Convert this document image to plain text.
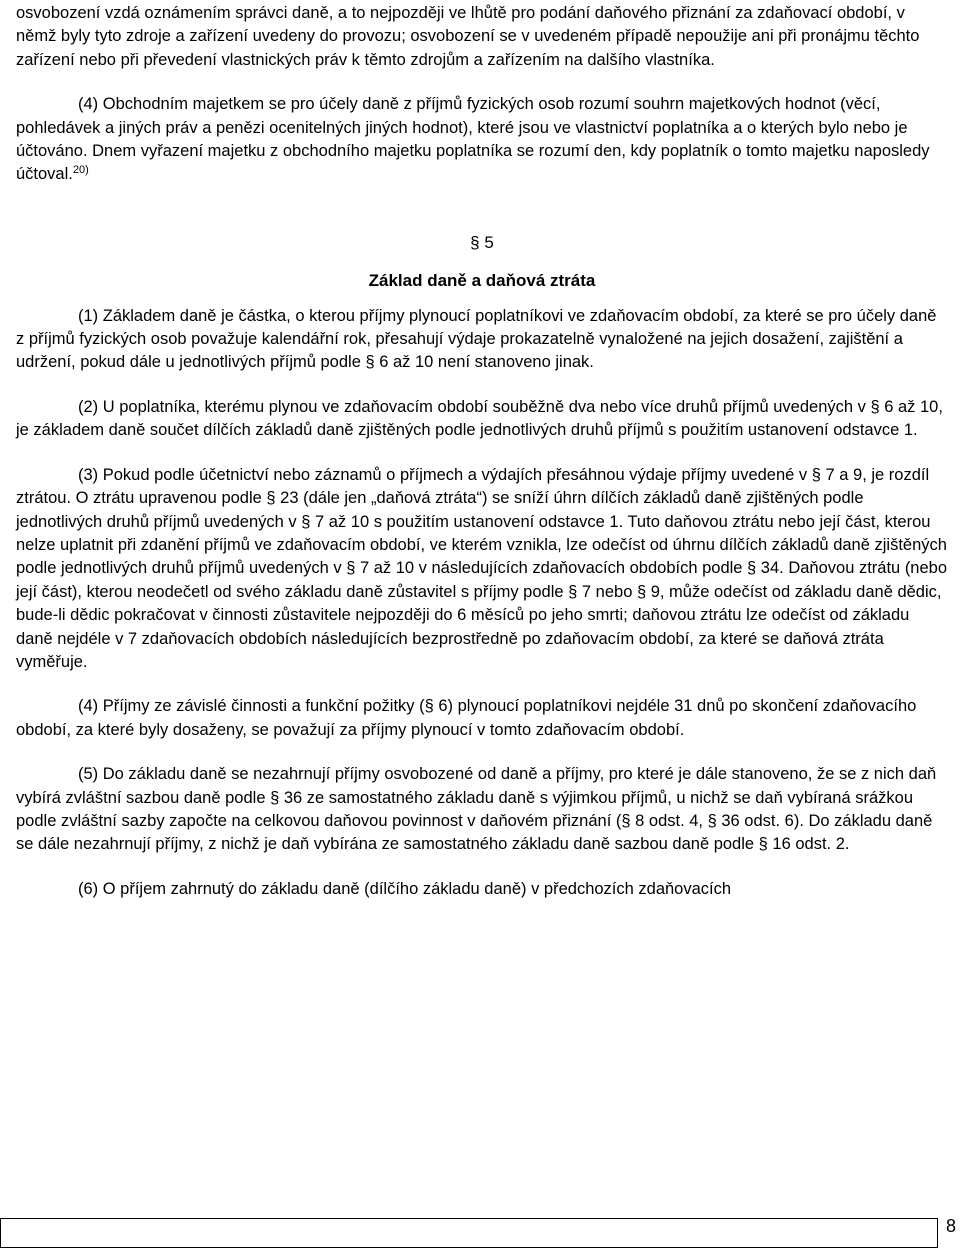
osvobození vzdá oznámením správci daně, a to nejpozději ve lhůtě pro podání daňového přiznání za zdaňovací období, v němž byly tyto zdroje a zařízení uvedeny do provozu; osvobození se v uvedeném případě nepoužije ani při pronájmu těchto zařízení nebo při převedení vlastnických práv k těmto zdrojům a zařízením na dalšího vlastníka.

(4) Obchodním majetkem se pro účely daně z příjmů fyzických osob rozumí souhrn majetkových hodnot (věcí, pohledávek a jiných práv a penězi ocenitelných jiných hodnot), které jsou ve vlastnictví poplatníka a o kterých bylo nebo je účtováno. Dnem vyřazení majetku z obchodního majetku poplatníka se rozumí den, kdy poplatník o tomto majetku naposledy účtoval.$^{20)}$

§ 5

Základ daně a daňová ztráta

(1) Základem daně je částka, o kterou příjmy plynoucí poplatníkovi ve zdaňovacím období, za které se pro účely daně z příjmů fyzických osob považuje kalendářní rok, přesahují výdaje prokazatelně vynaložené na jejich dosažení, zajištění a udržení, pokud dále u jednotlivých příjmů podle § 6 až 10 není stanoveno jinak.

(2) U poplatníka, kterému plynou ve zdaňovacím období souběžně dva nebo více druhů příjmů uvedených v § 6 až 10, je základem daně součet dílčích základů daně zjištěných podle jednotlivých druhů příjmů s použitím ustanovení odstavce 1.

(3) Pokud podle účetnictví nebo záznamů o příjmech a výdajích přesáhnou výdaje příjmy uvedené v § 7 a 9, je rozdíl ztrátou. O ztrátu upravenou podle § 23 (dále jen „daňová ztráta“) se sníží úhrn dílčích základů daně zjištěných podle jednotlivých druhů příjmů uvedených v § 7 až 10 s použitím ustanovení odstavce 1. Tuto daňovou ztrátu nebo její část, kterou nelze uplatnit při zdanění příjmů ve zdaňovacím období, ve kterém vznikla, lze odečíst od úhrnu dílčích základů daně zjištěných podle jednotlivých druhů příjmů uvedených v § 7 až 10 v následujících zdaňovacích obdobích podle § 34. Daňovou ztrátu (nebo její část), kterou neodečetl od svého základu daně zůstavitel s příjmy podle § 7 nebo § 9, může odečíst od základu daně dědic, bude-li dědic pokračovat v činnosti zůstavitele nejpozději do 6 měsíců po jeho smrti; daňovou ztrátu lze odečíst od základu daně nejdéle v 7 zdaňovacích obdobích následujících bezprostředně po zdaňovacím období, za které se daňová ztráta vyměřuje.

(4) Příjmy ze závislé činnosti a funkční požitky (§ 6) plynoucí poplatníkovi nejdéle 31 dnů po skončení zdaňovacího období, za které byly dosaženy, se považují za příjmy plynoucí v tomto zdaňovacím období.

(5) Do základu daně se nezahrnují příjmy osvobozené od daně a příjmy, pro které je dále stanoveno, že se z nich daň vybírá zvláštní sazbou daně podle § 36 ze samostatného základu daně s výjimkou příjmů, u nichž se daň vybíraná srážkou podle zvláštní sazby započte na celkovou daňovou povinnost v daňovém přiznání (§ 8 odst. 4, § 36 odst. 6). Do základu daně se dále nezahrnují příjmy, z nichž je daň vybírána ze samostatného základu daně sazbou daně podle § 16 odst. 2.

(6) O příjem zahrnutý do základu daně (dílčího základu daně) v předchozích zdaňovacích

8
